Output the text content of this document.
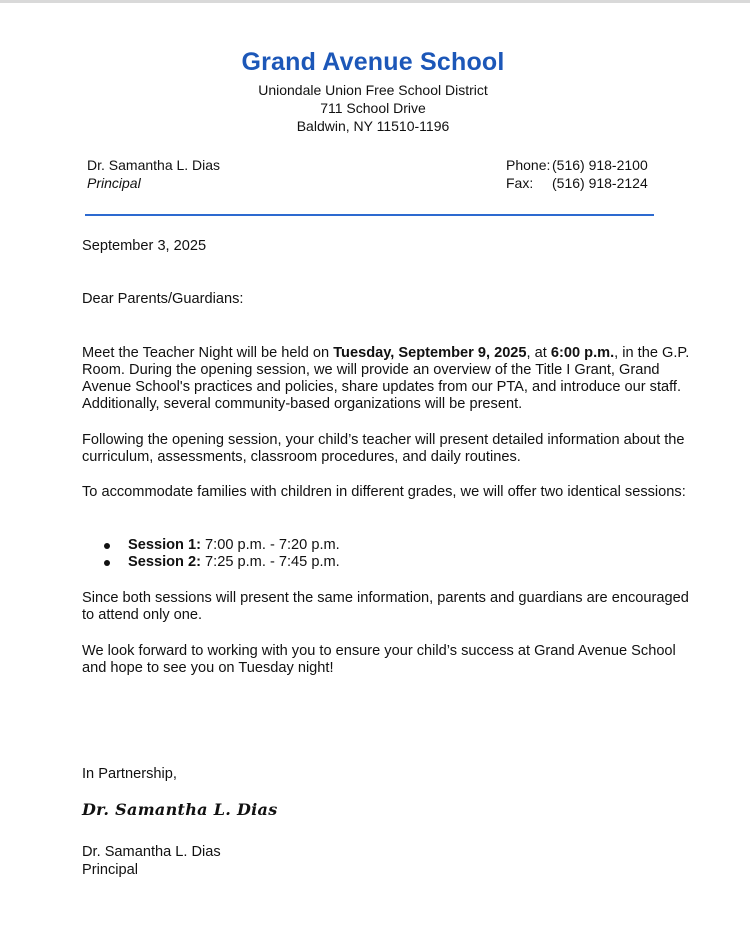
Grand Avenue School
Uniondale Union Free School District
711 School Drive
Baldwin, NY 11510-1196
Dr. Samantha L. Dias
Principal
Phone: (516) 918-2100
Fax: (516) 918-2124
September 3, 2025
Dear Parents/Guardians:
Meet the Teacher Night will be held on Tuesday, September 9, 2025, at 6:00 p.m., in the G.P. Room. During the opening session, we will provide an overview of the Title I Grant, Grand Avenue School's practices and policies, share updates from our PTA, and introduce our staff. Additionally, several community-based organizations will be present.
Following the opening session, your child’s teacher will present detailed information about the curriculum, assessments, classroom procedures, and daily routines.
To accommodate families with children in different grades, we will offer two identical sessions:
Session 1: 7:00 p.m. - 7:20 p.m.
Session 2: 7:25 p.m. - 7:45 p.m.
Since both sessions will present the same information, parents and guardians are encouraged to attend only one.
We look forward to working with you to ensure your child’s success at Grand Avenue School and hope to see you on Tuesday night!
In Partnership,
Dr. Samantha L. Dias
Dr. Samantha L. Dias
Principal
